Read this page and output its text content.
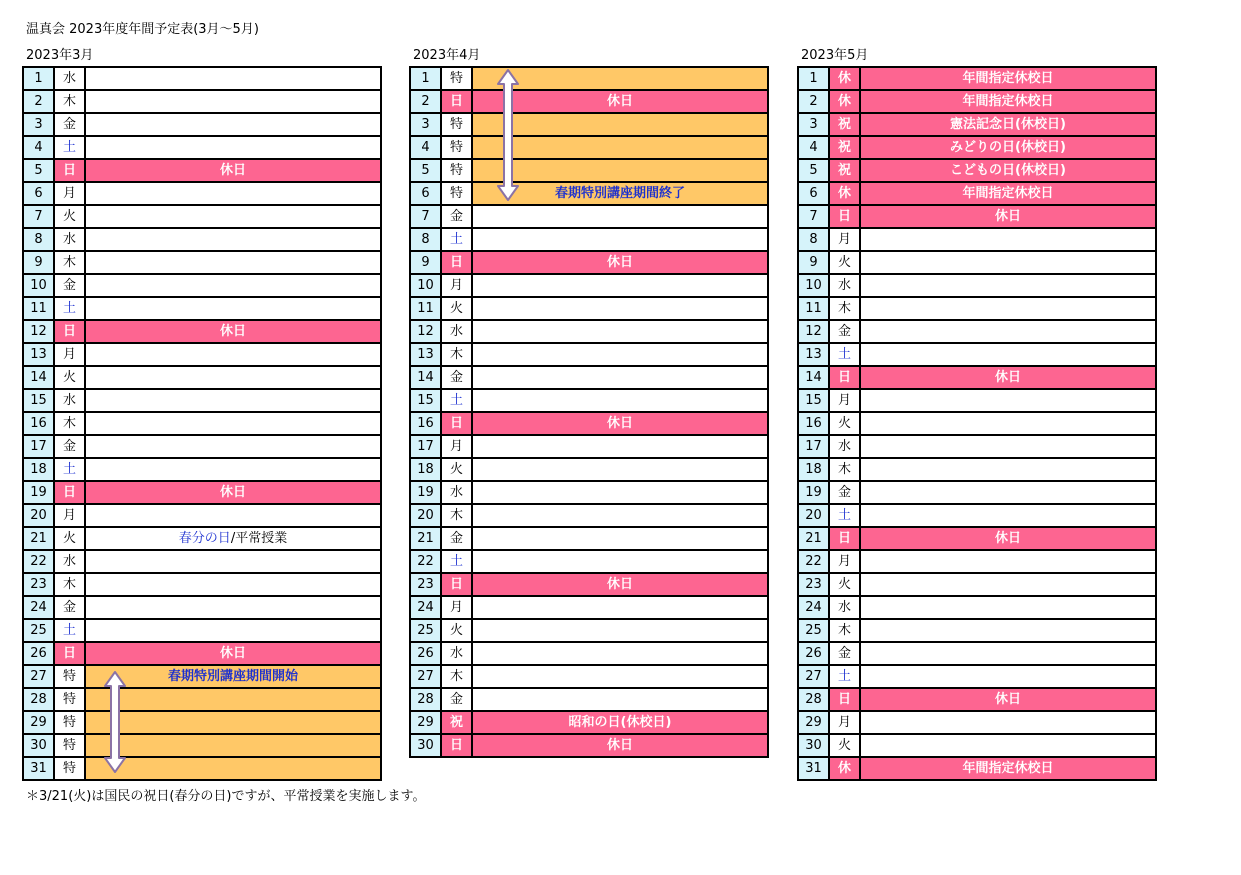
温真会 2023年度年間予定表(3月～5月)
2023年3月	2023年4月	2023年5月
1	水	
2	木	
3	金	
4	土	
5	日	休日
6	月	
7	火	
8	水	
9	木	
10	金	
11	土	
12	日	休日
13	月	
14	火	
15	水	
16	木	
17	金	
18	土	
19	日	休日
20	月	
21	火	春分の日/平常授業
22	水	
23	木	
24	金	
25	土	
26	日	休日
27	特	春期特別講座期間開始
28	特	
29	特	
30	特	
31	特	
1	特	
2	日	休日
3	特	
4	特	
5	特	
6	特	春期特別講座期間終了
7	金	
8	土	
9	日	休日
10	月	
11	火	
12	水	
13	木	
14	金	
15	土	
16	日	休日
17	月	
18	火	
19	水	
20	木	
21	金	
22	土	
23	日	休日
24	月	
25	火	
26	水	
27	木	
28	金	
29	祝	昭和の日(休校日)
30	日	休日
1	休	年間指定休校日
2	休	年間指定休校日
3	祝	憲法記念日(休校日)
4	祝	みどりの日(休校日)
5	祝	こどもの日(休校日)
6	休	年間指定休校日
7	日	休日
8	月	
9	火	
10	水	
11	木	
12	金	
13	土	
14	日	休日
15	月	
16	火	
17	水	
18	木	
19	金	
20	土	
21	日	休日
22	月	
23	火	
24	水	
25	木	
26	金	
27	土	
28	日	休日
29	月	
30	火	
31	休	年間指定休校日
＊3/21(火)は国民の祝日(春分の日)ですが、平常授業を実施します。
